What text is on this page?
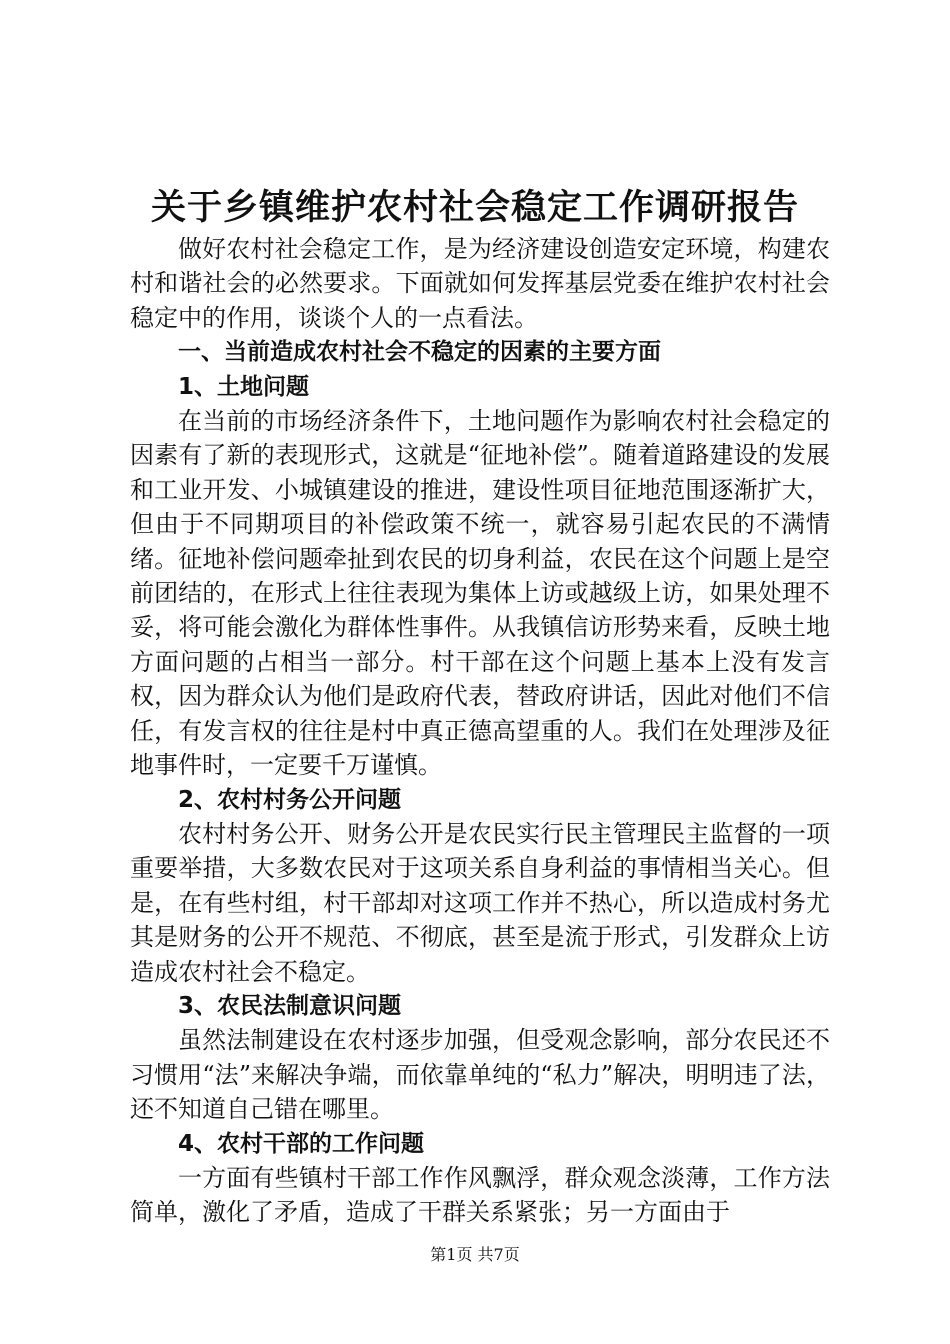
关于乡镇维护农村社会稳定工作调研报告

做好农村社会稳定工作，是为经济建设创造安定环境，构建农村和谐社会的必然要求。下面就如何发挥基层党委在维护农村社会稳定中的作用，谈谈个人的一点看法。

一、当前造成农村社会不稳定的因素的主要方面

1、土地问题

在当前的市场经济条件下，土地问题作为影响农村社会稳定的因素有了新的表现形式，这就是“征地补偿”。随着道路建设的发展和工业开发、小城镇建设的推进，建设性项目征地范围逐渐扩大，但由于不同期项目的补偿政策不统一，就容易引起农民的不满情绪。征地补偿问题牵扯到农民的切身利益，农民在这个问题上是空前团结的，在形式上往往表现为集体上访或越级上访，如果处理不妥，将可能会激化为群体性事件。从我镇信访形势来看，反映土地方面问题的占相当一部分。村干部在这个问题上基本上没有发言权，因为群众认为他们是政府代表，替政府讲话，因此对他们不信任，有发言权的往往是村中真正德高望重的人。我们在处理涉及征地事件时，一定要千万谨慎。

2、农村村务公开问题

农村村务公开、财务公开是农民实行民主管理民主监督的一项重要举措，大多数农民对于这项关系自身利益的事情相当关心。但是，在有些村组，村干部却对这项工作并不热心，所以造成村务尤其是财务的公开不规范、不彻底，甚至是流于形式，引发群众上访造成农村社会不稳定。

3、农民法制意识问题

虽然法制建设在农村逐步加强，但受观念影响，部分农民还不习惯用“法”来解决争端，而依靠单纯的“私力”解决，明明违了法，还不知道自己错在哪里。

4、农村干部的工作问题

一方面有些镇村干部工作作风飘浮，群众观念淡薄，工作方法简单，激化了矛盾，造成了干群关系紧张；另一方面由于

第1页 共7页
